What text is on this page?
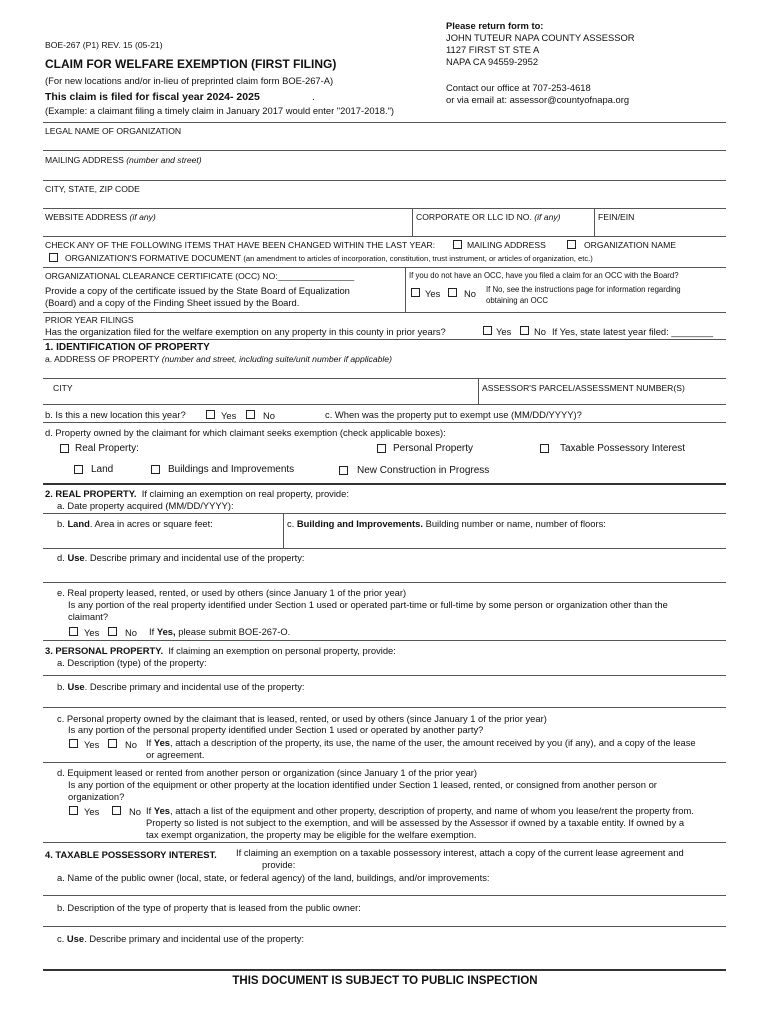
BOE-267 (P1) REV. 15 (05-21)
CLAIM FOR WELFARE EXEMPTION (FIRST FILING)
(For new locations and/or in-lieu of preprinted claim form BOE-267-A)
This claim is filed for fiscal year 2024- 2025	.
(Example: a claimant filing a timely claim in January 2017 would enter "2017-2018.")
Please return form to:
JOHN TUTEUR NAPA COUNTY ASSESSOR
1127 FIRST ST STE A
NAPA CA 94559-2952
Contact our office at 707-253-4618
or via email at: assessor@countyofnapa.org
LEGAL NAME OF ORGANIZATION
MAILING ADDRESS (number and street)
CITY, STATE, ZIP CODE
WEBSITE ADDRESS (if any)	CORPORATE OR LLC ID NO. (if any)	FEIN/EIN
CHECK ANY OF THE FOLLOWING ITEMS THAT HAVE BEEN CHANGED WITHIN THE LAST YEAR:	MAILING ADDRESS	ORGANIZATION NAME
ORGANIZATION'S FORMATIVE DOCUMENT (an amendment to articles of incorporation, constitution, trust instrument, or articles of organization, etc.)
ORGANIZATIONAL CLEARANCE CERTIFICATE (OCC) NO:________________
Provide a copy of the certificate issued by the State Board of Equalization
(Board) and a copy of the Finding Sheet issued by the Board.
If you do not have an OCC, have you filed a claim for an OCC with the Board?
Yes	No If No, see the instructions page for information regarding
obtaining an OCC
PRIOR YEAR FILINGS
Has the organization filed for the welfare exemption on any property in this county in prior years?	Yes No If Yes, state latest year filed: ________
1. IDENTIFICATION OF PROPERTY
a. ADDRESS OF PROPERTY (number and street, including suite/unit number if applicable)
CITY	ASSESSOR'S PARCEL/ASSESSMENT NUMBER(S)
b. Is this a new location this year?	Yes	No	c. When was the property put to exempt use (MM/DD/YYYY)?
d. Property owned by the claimant for which claimant seeks exemption (check applicable boxes):
Real Property:	Personal Property	Taxable Possessory Interest
Land	Buildings and Improvements	New Construction in Progress
2. REAL PROPERTY. If claiming an exemption on real property, provide:
a. Date property acquired (MM/DD/YYYY):
b. Land. Area in acres or square feet:	c. Building and Improvements. Building number or name, number of floors:
d. Use. Describe primary and incidental use of the property:
e. Real property leased, rented, or used by others (since January 1 of the prior year)
Is any portion of the real property identified under Section 1 used or operated part-time or full-time by some person or organization other than the
claimant?
Yes	No If Yes, please submit BOE-267-O.
3. PERSONAL PROPERTY. If claiming an exemption on personal property, provide:
a. Description (type) of the property:
b. Use. Describe primary and incidental use of the property:
c. Personal property owned by the claimant that is leased, rented, or used by others (since January 1 of the prior year)
Is any portion of the personal property identified under Section 1 used or operated by another party?
Yes	No If Yes, attach a description of the property, its use, the name of the user, the amount received by you (if any), and a copy of the lease
or agreement.
d. Equipment leased or rented from another person or organization (since January 1 of the prior year)
Is any portion of the equipment or other property at the location identified under Section 1 leased, rented, or consigned from another person or
organization?
Yes	No If Yes, attach a list of the equipment and other property, description of property, and name of whom you lease/rent the property from.
Property so listed is not subject to the exemption, and will be assessed by the Assessor if owned by a taxable entity. If owned by a
tax exempt organization, the property may be eligible for the welfare exemption.
4. TAXABLE POSSESSORY INTEREST. If claiming an exemption on a taxable possessory interest, attach a copy of the current lease agreement and
provide:
a. Name of the public owner (local, state, or federal agency) of the land, buildings, and/or improvements:
b. Description of the type of property that is leased from the public owner:
c. Use. Describe primary and incidental use of the property:
THIS DOCUMENT IS SUBJECT TO PUBLIC INSPECTION
